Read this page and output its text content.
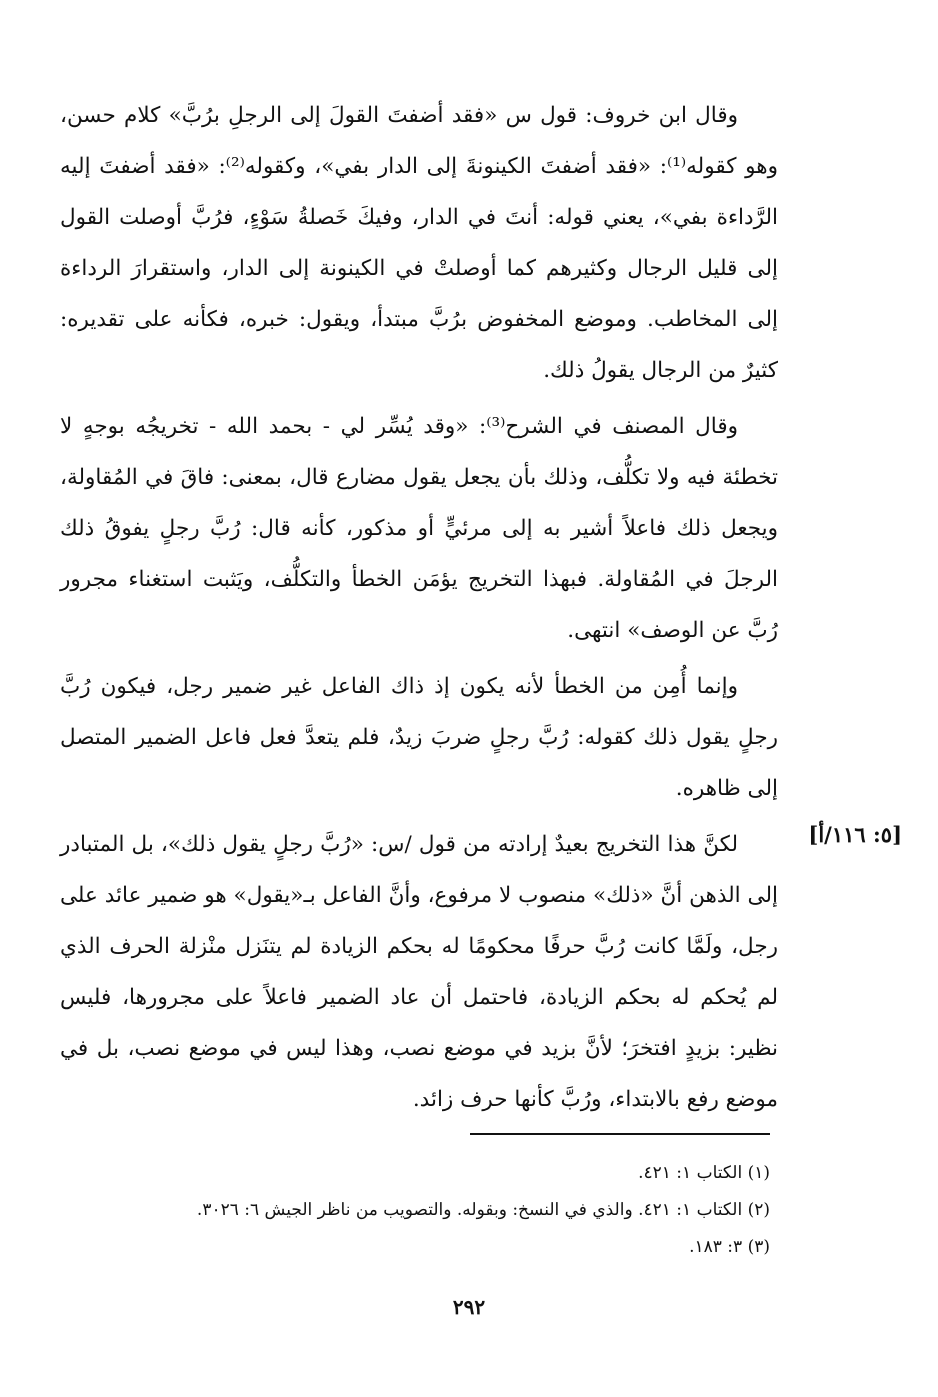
وقال ابن خروف: قول س «فقد أضفتَ القولَ إلى الرجلِ برُبَّ» كلام حسن، وهو كقوله⁽¹⁾: «فقد أضفتَ الكينونةَ إلى الدار بفي»، وكقوله⁽²⁾: «فقد أضفتَ إليه الرَّداءة بفي»، يعني قوله: أنتَ في الدار، وفيكَ خَصلةُ سَوْءٍ، فرُبَّ أوصلت القول إلى قليل الرجال وكثيرهم كما أوصلتْ في الكينونة إلى الدار، واستقرارَ الرداءة إلى المخاطب. وموضع المخفوض برُبَّ مبتدأ، ويقول: خبره، فكأنه على تقديره: كثيرٌ من الرجال يقولُ ذلك.

وقال المصنف في الشرح⁽³⁾: «وقد يُسِّر لي - بحمد الله - تخريجُه بوجهٍ لا تخطئة فيه ولا تكلُّف، وذلك بأن يجعل يقول مضارع قال، بمعنى: فاقَ في المُقاولة، ويجعل ذلك فاعلاً أشير به إلى مرئيٍّ أو مذكور، كأنه قال: رُبَّ رجلٍ يفوقُ ذلك الرجلَ في المُقاولة. فبهذا التخريج يؤمَن الخطأ والتكلُّف، ويَثبت استغناء مجرور رُبَّ عن الوصف» انتهى.

وإنما أُمِن من الخطأ لأنه يكون إذ ذاك الفاعل غير ضمير رجل، فيكون رُبَّ رجلٍ يقول ذلك كقوله: رُبَّ رجلٍ ضربَ زيدٌ، فلم يتعدَّ فعل فاعل الضمير المتصل إلى ظاهره.

لكنَّ هذا التخريج بعيدٌ إرادته من قول /س: «رُبَّ رجلٍ يقول ذلك»، بل المتبادر إلى الذهن أنَّ «ذلك» منصوب لا مرفوع، وأنَّ الفاعل بـ«يقول» هو ضمير عائد على رجل، ولَمَّا كانت رُبَّ حرفًا محكومًا له بحكم الزيادة لم يتنَزل منْزلة الحرف الذي لم يُحكم له بحكم الزيادة، فاحتمل أن عاد الضمير فاعلاً على مجرورها، فليس نظير: بزيدٍ افتخرَ؛ لأنَّ بزيد في موضع نصب، وهذا ليس في موضع نصب، بل في موضع رفع بالابتداء، ورُبَّ كأنها حرف زائد.

[٥: ١١٦/أ]
(١) الكتاب ١: ٤٢١.
(٢) الكتاب ١: ٤٢١. والذي في النسخ: وبقوله. والتصويب من ناظر الجيش ٦: ٣٠٢٦.
(٣) ٣: ١٨٣.
٢٩٢
